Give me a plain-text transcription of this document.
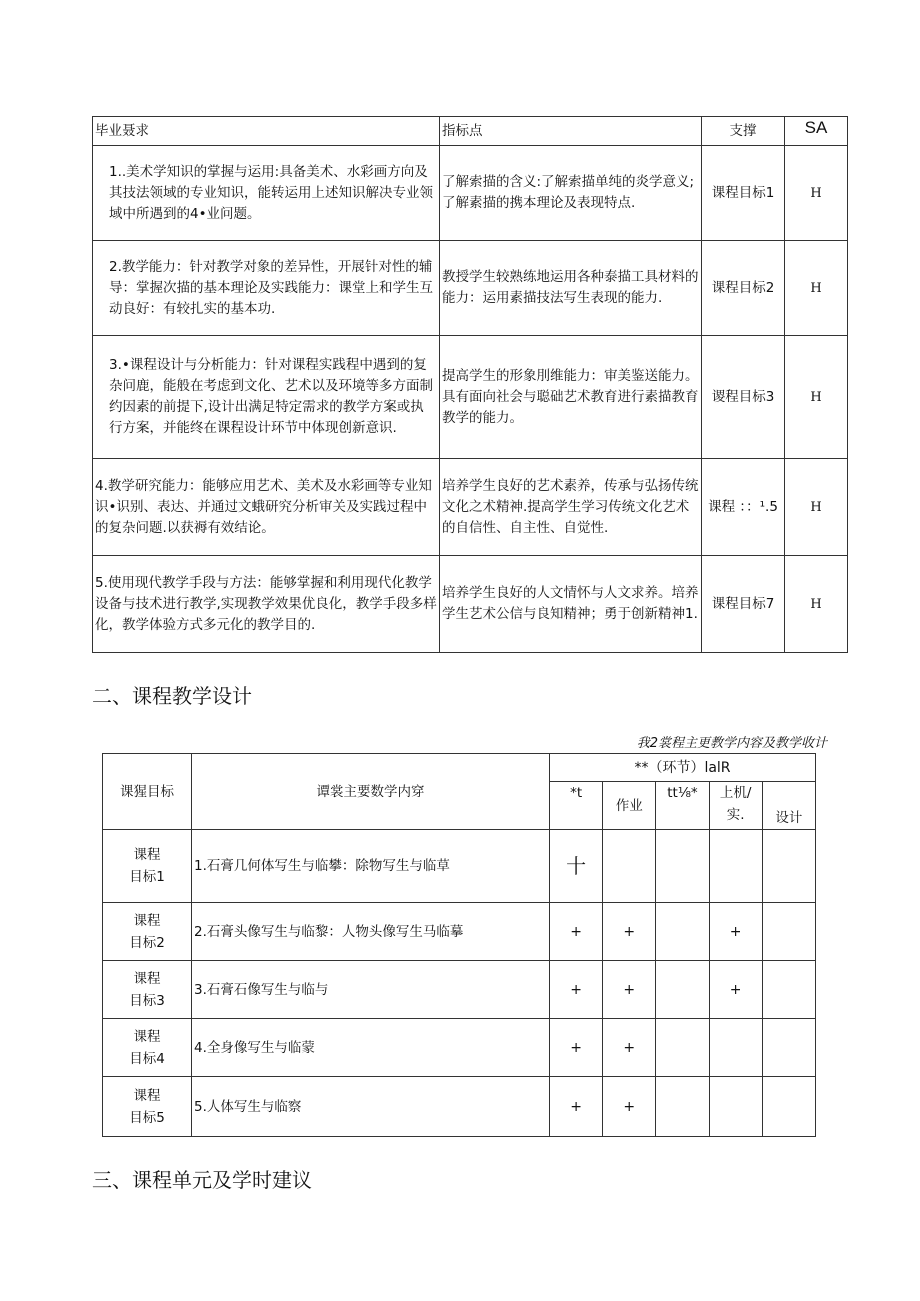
毕业聂求	指标点	支撑	SA

1..美术学知识的掌握与运用:具备美术、水彩画方向及其技法领域的专业知识，能转运用上述知识解决专业领域中所遇到的4•业问题。	了解索描的含义:了解索描单纯的炎学意义;了解素描的携本理论及表现特点.	课程目标1	H

2.教学能力：针对教学对象的差异性，开展针对性的辅导：掌握次描的基本理论及实践能力：课堂上和学生互动良好：有较扎实的基本功.	教授学生较熟练地运用各种泰描工具材料的能力：运用素描技法写生表现的能力.	课程目标2	H

3.•课程设计与分析能力：针对课程实践程中遇到的复杂问鹿，能般在考虑到文化、艺术以及环境等多方面制约因素的前提下,设计出满足特定需求的教学方案或执行方案，并能终在课程设计环节中体现创新意识.	提高学生的形象刖维能力：审美鉴送能力。具有面向社会与聪础艺术教育进行素描教育教学的能力。	谡程目标3	H
4.教学研究能力：能够应用艺术、美术及水彩画等专业知识•识别、表达、并通过文蛾研究分析审关及实践过程中的复杂问题.以获褥有效结论。	培养学生良好的艺术素养，传承与弘扬传统文化之术精神.提高学生学习传统文化艺术的自信性、自主性、自觉性.	课程 ：：¹.5	H
5.使用现代教学手段与方法：能够掌握和利用现代化教学设备与技术进行教学,实现教学效果优良化，教学手段多样化，教学体验方式多元化的教学目的.	培养学生良好的人文情怀与人文求养。培养学生艺术公信与良知精神；勇于创新精神1.	课程目标7	H
二、课程教学设计
我2裳程主更教学内容及教学收计
课猩目标	谭裳主要数学内穿	**（环节）lalR				
		*t	作业	tt⅛*	上机/实.	设计

课程
目标1	1.石膏几何体写生与临攀：除物写生与临草	十				

课程
目标2	2.石膏头像写生与临黎：人物头像写生马临摹	+	+		+	

课程
目标3	3.石膏石像写生与临与	+	+		+	

课程
目标4	4.全身像写生与临蒙	+	+			

课程
目标5	5.人体写生与临察	+	+			
三、课程单元及学时建议
